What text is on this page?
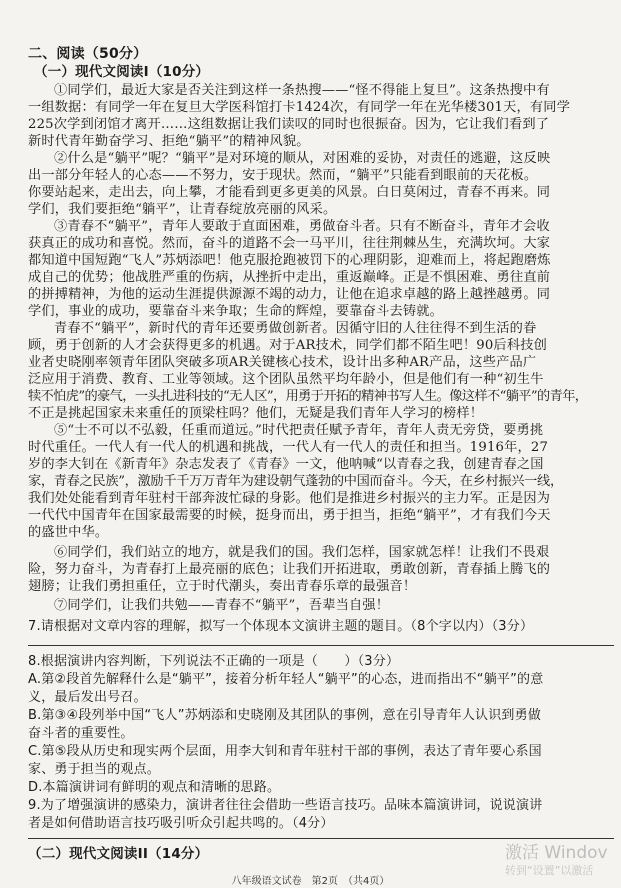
二、阅读（50分）
（一）现代文阅读I（10分）
①同学们，最近大家是否关注到这样一条热搜——“怪不得能上复旦”。这条热搜中有
一组数据：有同学一年在复旦大学医科馆打卡1424次，有同学一年在光华楼301天，有同学
225次学到闭馆才离开……这组数据让我们读叹的同时也很振奋。因为，它让我们看到了
新时代青年勤奋学习、拒绝“躺平”的精神风貌。
②什么是“躺平”呢？“躺平”是对环境的顺从，对困难的妥协，对责任的逃避，这反映
出一部分年轻人的心态——不努力，安于现状。然而，“躺平”只能看到眼前的天花板。
你要站起来，走出去，向上攀，才能看到更多更美的风景。白日莫闲过，青春不再来。同
学们，我们要拒绝“躺平”，让青春绽放亮丽的风采。
③青春不“躺平”，青年人要敢于直面困难，勇做奋斗者。只有不断奋斗，青年才会收
获真正的成功和喜悦。然而，奋斗的道路不会一马平川，往往荆棘丛生，充满坎坷。大家
都知道中国短跑“飞人”苏炳添吧！他克服抢跑被罚下的心理阴影，迎难而上，将起跑磨炼
成自己的优势；他战胜严重的伤病，从挫折中走出，重返巅峰。正是不惧困难、勇往直前
的拼搏精神，为他的运动生涯提供源源不竭的动力，让他在追求卓越的路上越挫越勇。同
学们，事业的成功，要靠奋斗来争取；生命的辉煌，要靠奋斗去铸就。
青春不“躺平”，新时代的青年还要勇做创新者。因循守旧的人往往得不到生活的眷
顾，勇于创新的人才会获得更多的机遇。对于AR技术，同学们都不陌生吧！90后科技创
业者史晓刚率领青年团队突破多项AR关键核心技术，设计出多种AR产品，这些产品广
泛应用于消费、教育、工业等领域。这个团队虽然平均年龄小，但是他们有一种“初生牛
犊不怕虎”的豪气，一头扎进科技的“无人区”，用勇于开拓的精神书写人生。像这样不“躺平”的青年，
不正是挑起国家未来重任的顶梁柱吗？他们，无疑是我们青年人学习的榜样！
⑤“士不可以不弘毅，任重而道远。”时代把责任赋予青年，青年人责无旁贷，要勇挑
时代重任。一代人有一代人的机遇和挑战，一代人有一代人的责任和担当。1916年，27
岁的李大钊在《新青年》杂志发表了《青春》一文，他呐喊“以青春之我，创建青春之国
家，青春之民族”，激励千千万万青年为建设朝气蓬勃的中国而奋斗。今天，在乡村振兴一线，
我们处处能看到青年驻村干部奔波忙碌的身影。他们是推进乡村振兴的主力军。正是因为
一代代中国青年在国家最需要的时候，挺身而出，勇于担当，拒绝“躺平”，才有我们今天
的盛世中华。
⑥同学们，我们站立的地方，就是我们的国。我们怎样，国家就怎样！让我们不畏艰
险，努力奋斗，为青春打上最亮丽的底色；让我们开拓进取，勇敢创新，青春插上腾飞的
翅膀；让我们勇担重任，立于时代潮头，奏出青春乐章的最强音！
⑦同学们，让我们共勉——青春不“躺平”，吾辈当自强！
7.请根据对文章内容的理解，拟写一个体现本文演讲主题的题目。（8个字以内）（3分）
8.根据演讲内容判断，下列说法不正确的一项是（　　）（3分）
A.第②段首先解释什么是“躺平”，接着分析年轻人“躺平”的心态，进而指出不“躺平”的意
义，最后发出号召。
B.第③④段列举中国“飞人”苏炳添和史晓刚及其团队的事例，意在引导青年人认识到勇做
奋斗者的重要性。
C.第⑤段从历史和现实两个层面，用李大钊和青年驻村干部的事例，表达了青年要心系国
家、勇于担当的观点。
D.本篇演讲词有鲜明的观点和清晰的思路。
9.为了增强演讲的感染力，演讲者往往会借助一些语言技巧。品味本篇演讲词，说说演讲
者是如何借助语言技巧吸引听众引起共鸣的。（4分）
（二）现代文阅读II（14分）
八年级语文试卷　第2页　（共4页）
激活 Windov
转到“设置”以激活
